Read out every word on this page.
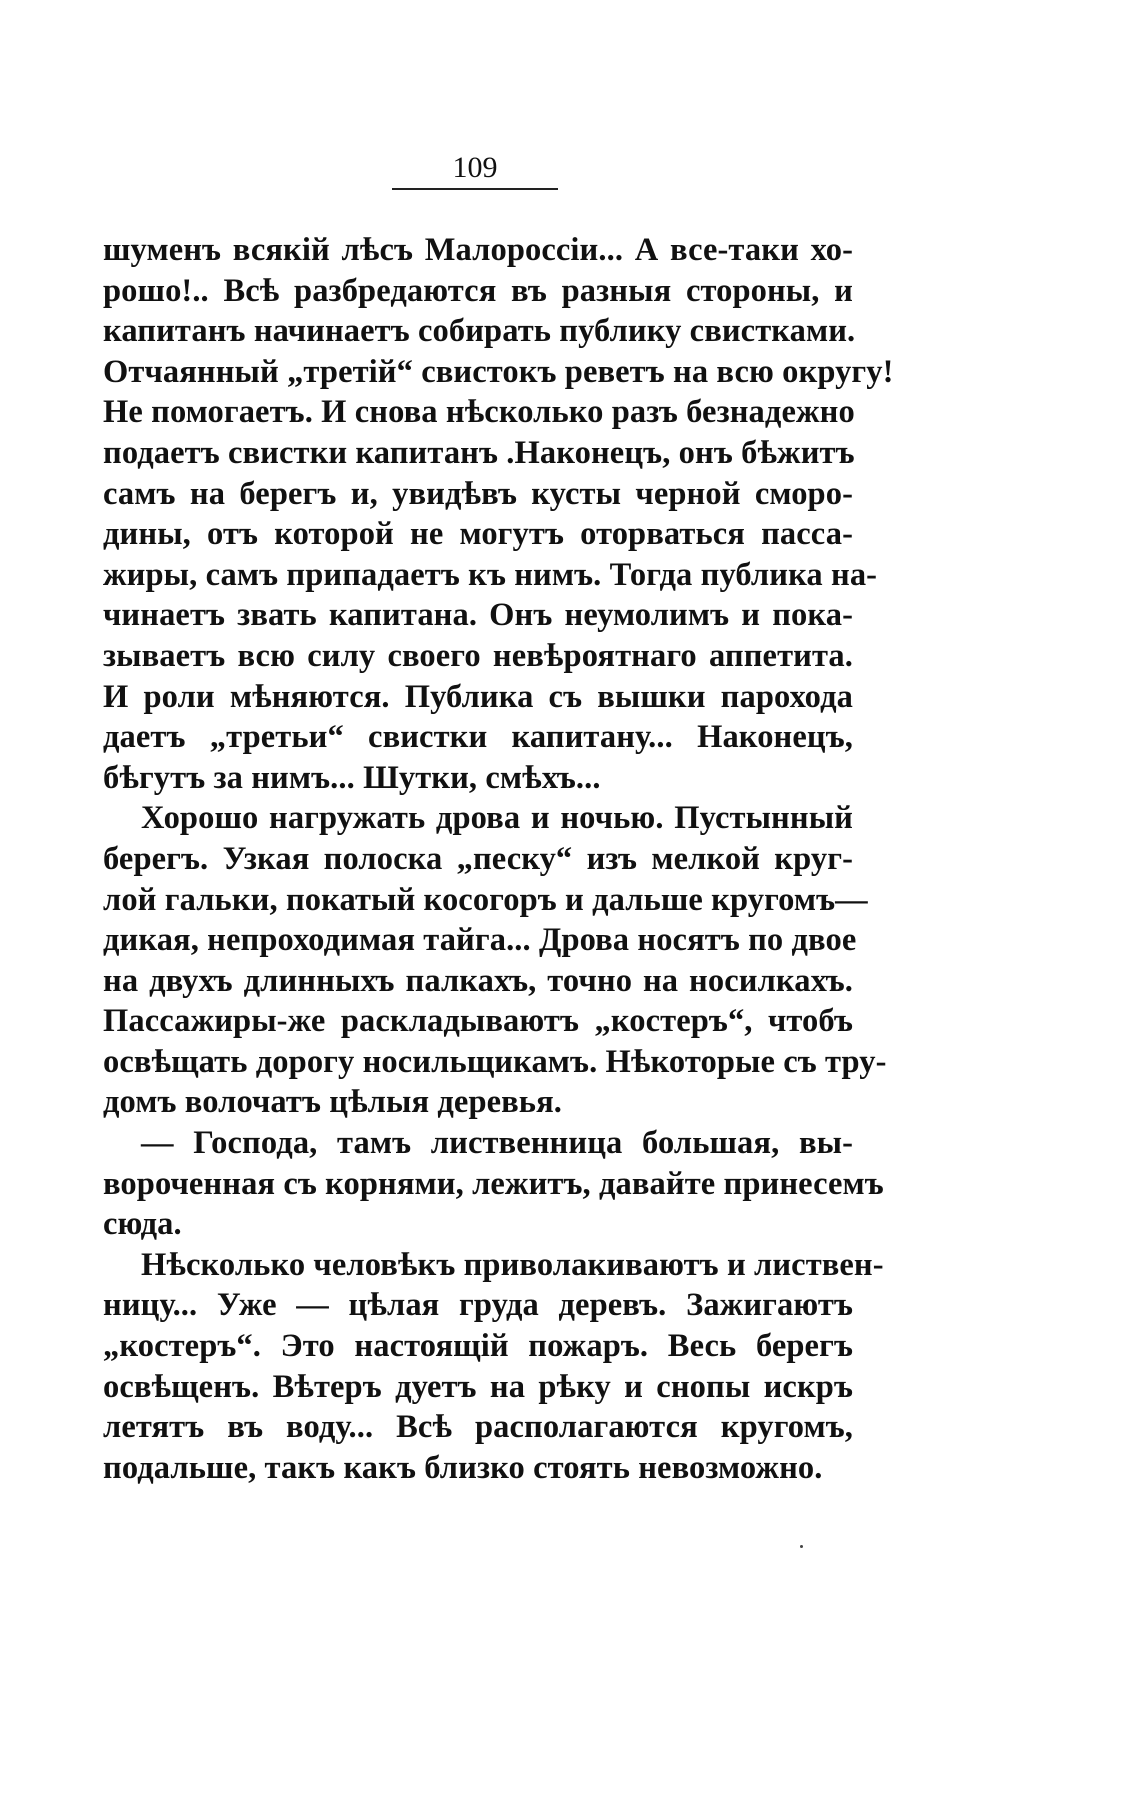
109
шуменъ всякій лѣсъ Малороссіи... А все-таки хо-
рошо!.. Всѣ разбредаются въ разныя стороны, и
капитанъ начинаетъ собирать публику свистками.
Отчаянный „третій“ свистокъ реветъ на всю округу!
Не помогаетъ. И снова нѣсколько разъ безнадежно
подаетъ свистки капитанъ .Наконецъ, онъ бѣжитъ
самъ на берегъ и, увидѣвъ кусты черной сморо-
дины, отъ которой не могутъ оторваться пасса-
жиры, самъ припадаетъ къ нимъ. Тогда публика на-
чинаетъ звать капитана. Онъ неумолимъ и пока-
зываетъ всю силу своего невѣроятнаго аппетита.
И роли мѣняются. Публика съ вышки парохода
даетъ „третьи“ свистки капитану... Наконецъ,
бѣгутъ за нимъ... Шутки, смѣхъ...
Хорошо нагружать дрова и ночью. Пустынный
берегъ. Узкая полоска „песку“ изъ мелкой круг-
лой гальки, покатый косогоръ и дальше кругомъ—
дикая, непроходимая тайга... Дрова носятъ по двое
на двухъ длинныхъ палкахъ, точно на носилкахъ.
Пассажиры-же раскладываютъ „костеръ“, чтобъ
освѣщать дорогу носильщикамъ. Нѣкоторые съ тру-
домъ волочатъ цѣлыя деревья.
— Господа, тамъ лиственница большая, вы-
вороченная съ корнями, лежитъ, давайте принесемъ
сюда.
Нѣсколько человѣкъ приволакиваютъ и листвен-
ницу... Уже — цѣлая груда деревъ. Зажигаютъ
„костеръ“. Это настоящій пожаръ. Весь берегъ
освѣщенъ. Вѣтеръ дуетъ на рѣку и снопы искръ
летятъ въ воду... Всѣ располагаются кругомъ,
подальше, такъ какъ близко стоять невозможно.
